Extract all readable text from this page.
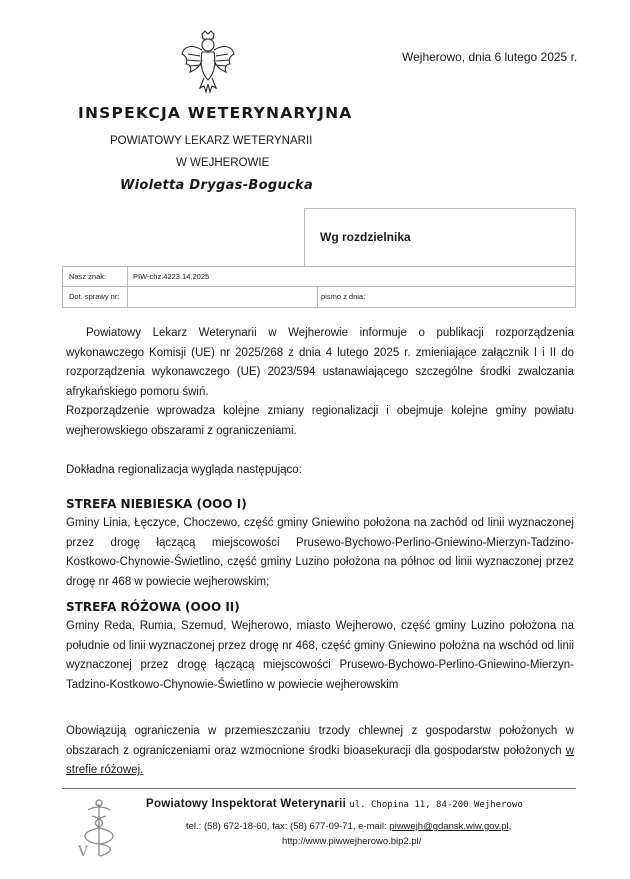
Wejherowo, dnia 6 lutego 2025 r.
INSPEKCJA WETERYNARYJNA
POWIATOWY LEKARZ WETERYNARII
W WEJHEROWIE
Wioletta Drygas-Bogucka
Wg rozdzielnika
Nasz znak:	PIW-chz.4223.14.2025
Dot. sprawy nr:	pismo z dnia:
Powiatowy Lekarz Weterynarii w Wejherowie informuje o publikacji rozporządzenia wykonawczego Komisji (UE) nr 2025/268 z dnia 4 lutego 2025 r. zmieniające załącznik I i II do rozporządzenia wykonawczego (UE) 2023/594 ustanawiającego szczególne środki zwalczania afrykańskiego pomoru świń.
Rozporządzenie wprowadza kolejne zmiany regionalizacji i obejmuje kolejne gminy powiatu wejherowskiego obszarami z ograniczeniami.
Dokładna regionalizacja wygląda następująco:
STREFA NIEBIESKA (OOO I)
Gminy Linia, Łęczyce, Choczewo, część gminy Gniewino położona na zachód od linii wyznaczonej przez drogę łączącą miejscowości Prusewo-Bychowo-Perlino-Gniewino-Mierzyn-Tadzino-Kostkowo-Chynowie-Świetlino, część gminy Luzino położona na północ od linii wyznaczonej przez drogę nr 468 w powiecie wejherowskim;
STREFA RÓŻOWA (OOO II)
Gminy Reda, Rumia, Szemud, Wejherowo, miasto Wejherowo, część gminy Luzino położona na południe od linii wyznaczonej przez drogę nr 468, część gminy Gniewino położna na wschód od linii wyznaczonej przez drogę łączącą miejscowości Prusewo-Bychowo-Perlino-Gniewino-Mierzyn-Tadzino-Kostkowo-Chynowie-Świetlino w powiecie wejherowskim
Obowiązują ograniczenia w przemieszczaniu trzody chlewnej z gospodarstw położonych w obszarach z ograniczeniami oraz wzmocnione środki bioasekuracji dla gospodarstw położonych w strefie różowej.
V
Powiatowy Inspektorat Weterynarii ul. Chopina 11, 84-200 Wejherowo
tel.: (58) 672-18-60, fax: (58) 677-09-71, e-mail: piwwejh@gdansk.wiw.gov.pl,
http://www.piwwejherowo.bip2.pl/
